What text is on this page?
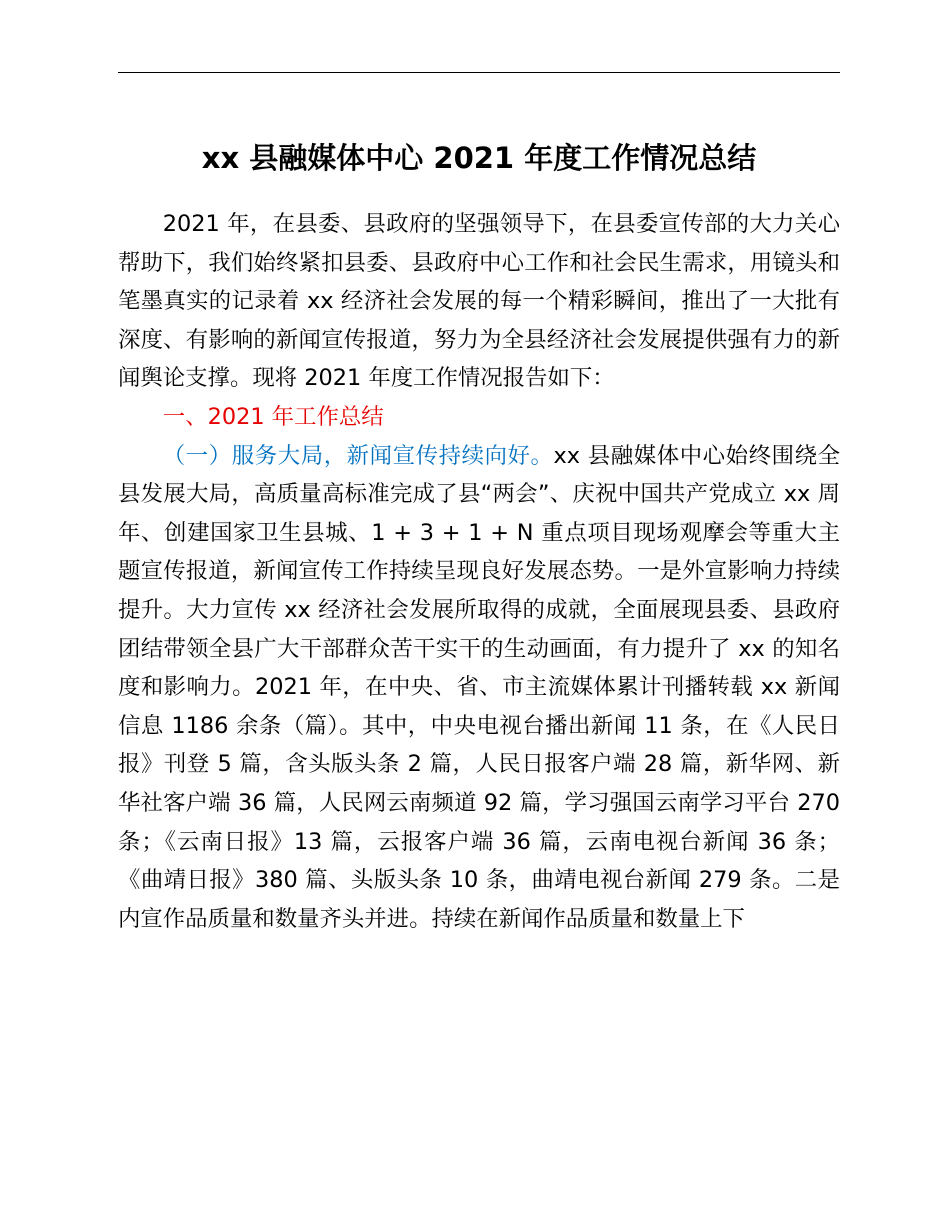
xx 县融媒体中心 2021 年度工作情况总结

2021 年，在县委、县政府的坚强领导下，在县委宣传部的大力关心帮助下，我们始终紧扣县委、县政府中心工作和社会民生需求，用镜头和笔墨真实的记录着 xx 经济社会发展的每一个精彩瞬间，推出了一大批有深度、有影响的新闻宣传报道，努力为全县经济社会发展提供强有力的新闻舆论支撑。现将 2021 年度工作情况报告如下：

一、2021 年工作总结

（一）服务大局，新闻宣传持续向好。xx 县融媒体中心始终围绕全县发展大局，高质量高标准完成了县“两会”、庆祝中国共产党成立 xx 周年、创建国家卫生县城、1 + 3 + 1 + N 重点项目现场观摩会等重大主题宣传报道，新闻宣传工作持续呈现良好发展态势。一是外宣影响力持续提升。大力宣传 xx 经济社会发展所取得的成就，全面展现县委、县政府团结带领全县广大干部群众苦干实干的生动画面，有力提升了 xx 的知名度和影响力。2021 年，在中央、省、市主流媒体累计刊播转载 xx 新闻信息 1186 余条（篇）。其中，中央电视台播出新闻 11 条，在《人民日报》刊登 5 篇，含头版头条 2 篇，人民日报客户端 28 篇，新华网、新华社客户端 36 篇，人民网云南频道 92 篇，学习强国云南学习平台 270 条；《云南日报》13 篇，云报客户端 36 篇，云南电视台新闻 36 条；《曲靖日报》380 篇、头版头条 10 条，曲靖电视台新闻 279 条。二是内宣作品质量和数量齐头并进。持续在新闻作品质量和数量上下
